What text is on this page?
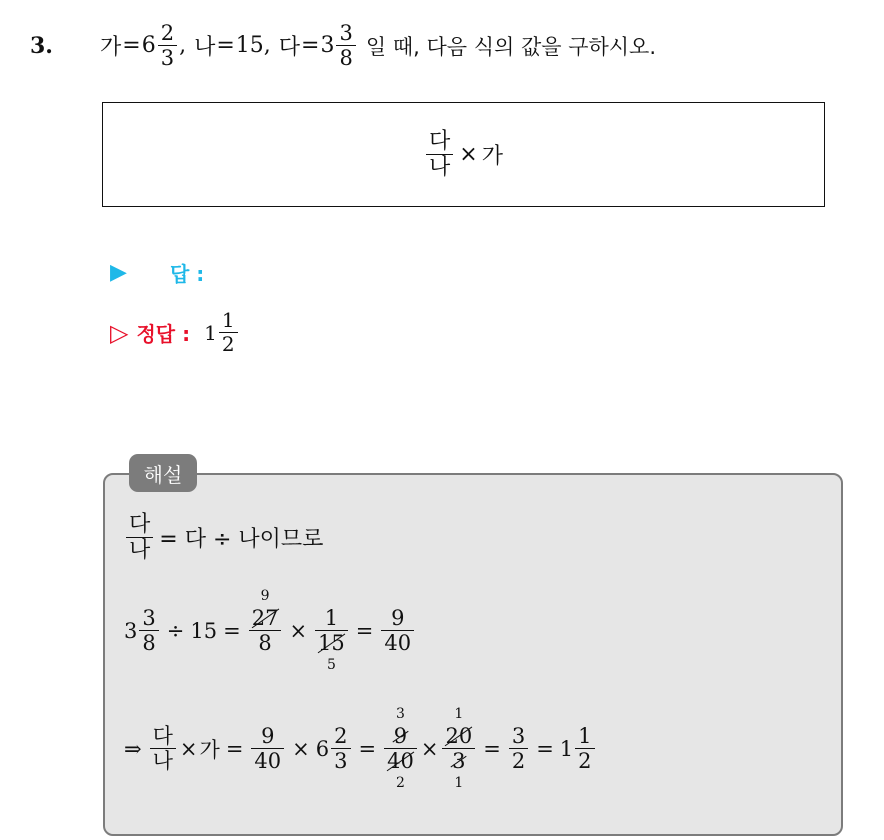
3.	가 = $6 \frac{2}{3}$ , 나 = 15 , 다 = $3 \frac{3}{8}$ 일 때, 다음 식의 값을 구하시오.
$\frac{\text{다}}{\text{나}}$ × 가
▶	답 :
▷ 정답 : $1 \frac{1}{2}$
해설
$\frac{\text{다}}{\text{나}}$ = 다 ÷ 나이므로
$3 \frac{3}{8} \div 15 = 9$
27
8 × 1
15
$5 = \frac{9}{40}$
⇒ $\frac{\text{다}}{\text{나}}$ × 가 = $\frac{9}{40} \times 6 \frac{2}{3} = 3$
9
40
2 × 1
20
3
$1 = \frac{3}{2} = 1 \frac{1}{2}$
